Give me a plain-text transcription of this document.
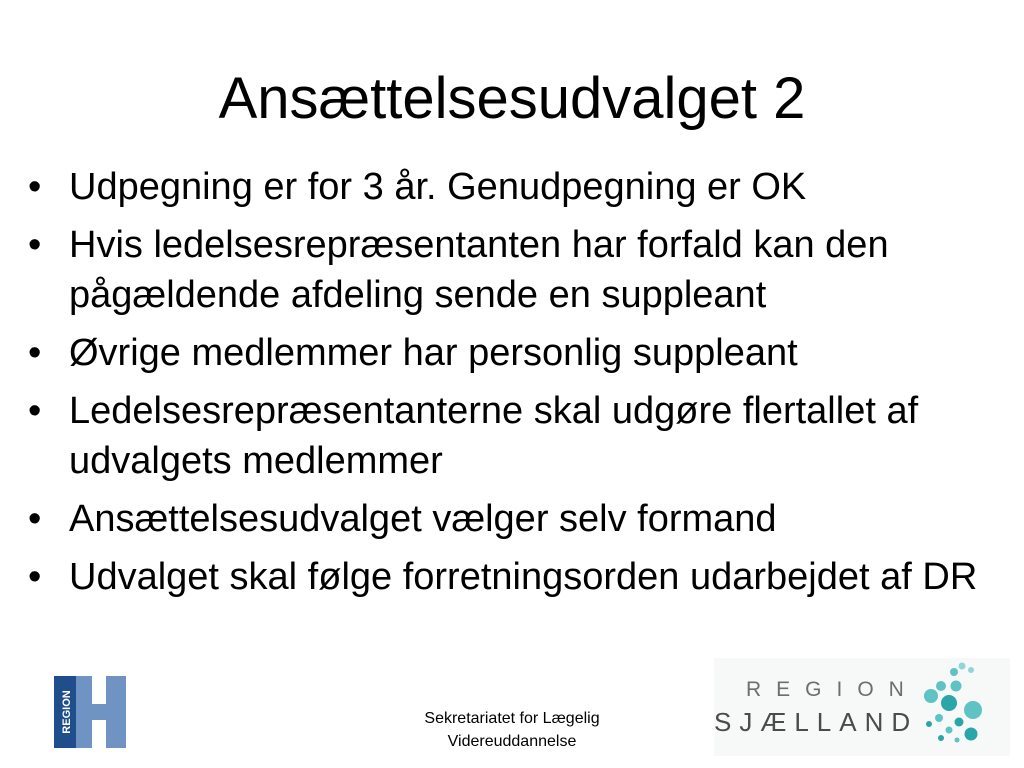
Ansættelsesudvalget 2
• Udpegning er for 3 år. Genudpegning er OK
• Hvis ledelsesrepræsentanten har forfald kan den pågældende afdeling sende en suppleant
• Øvrige medlemmer har personlig suppleant
• Ledelsesrepræsentanterne skal udgøre flertallet af udvalgets medlemmer
• Ansættelsesudvalget vælger selv formand
• Udvalget skal følge forretningsorden udarbejdet af DR
REGION	Sekretariatet for Lægelig
Videreuddannelse
REGION
SJÆLLAND
